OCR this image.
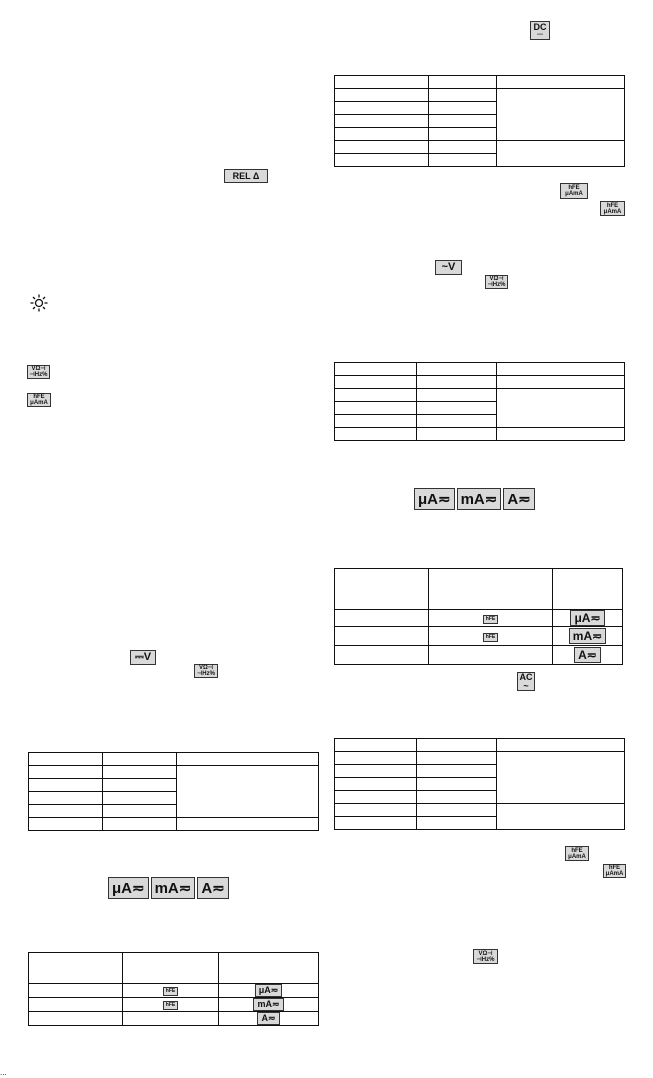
REL Δ
VΩ⊣
⊣Hz%
hFE
μAmA
⎓V
VΩ⊣
⊣Hz%

μA≂ mA≂ A≂

	hFE	μA≂
	hFE	mA≂
		A≂
DC
---

hFE
μAmA
hFE
μAmA
~V
VΩ⊣
⊣Hz%

μA≂ mA≂ A≂

	hFE	μA≂
	hFE	mA≂
		A≂
AC
~

hFE
μAmA
hFE
μAmA
VΩ⊣
⊣Hz%
...
